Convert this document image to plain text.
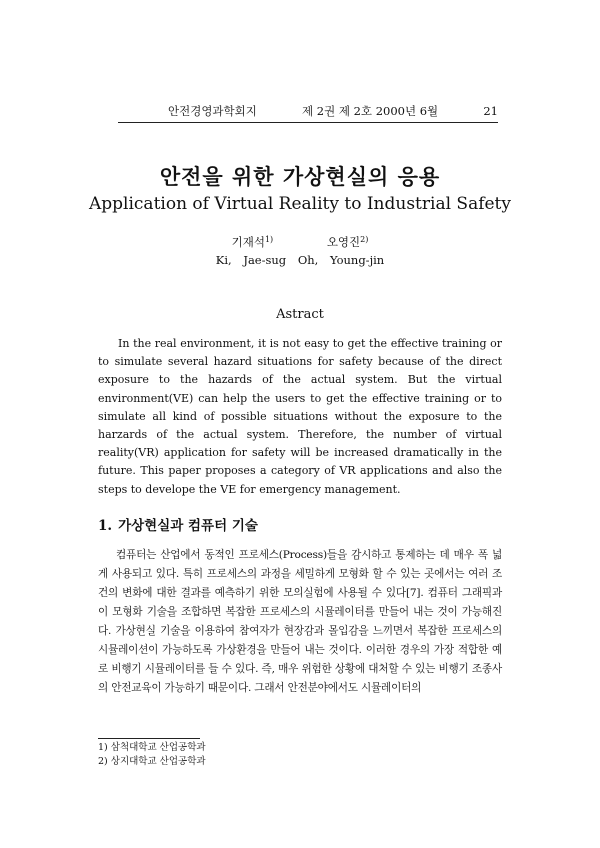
안전경영과학회지	제 2권 제 2호 2000년 6월	21
안전을 위한 가상현실의 응용
Application of Virtual Reality to Industrial Safety
기재석$^{1)}$	오영진$^{2)}$
Ki, Jae-sug Oh, Young-jin
Astract
In the real environment, it is not easy to get the effective training or to simulate several hazard situations for safety because of the direct exposure to the hazards of the actual system. But the virtual environment(VE) can help the users to get the effective training or to simulate all kind of possible situations without the exposure to the harzards of the actual system. Therefore, the number of virtual reality(VR) application for safety will be increased dramatically in the future. This paper proposes a category of VR applications and also the steps to develope the VE for emergency management.
1. 가상현실과 컴퓨터 기술
컴퓨터는 산업에서 동적인 프로세스(Process)들을 감시하고 통제하는 데 매우 폭 넓게 사용되고 있다. 특히 프로세스의 과정을 세밀하게 모형화 할 수 있는 곳에서는 여러 조건의 변화에 대한 결과를 예측하기 위한 모의실험에 사용될 수 있다[7]. 컴퓨터 그래픽과 이 모형화 기술을 조합하면 복잡한 프로세스의 시뮬레이터를 만들어 내는 것이 가능해진다. 가상현실 기술을 이용하여 참여자가 현장감과 몰입감을 느끼면서 복잡한 프로세스의 시뮬레이션이 가능하도록 가상환경을 만들어 내는 것이다. 이러한 경우의 가장 적합한 예로 비행기 시뮬레이터를 들 수 있다. 즉, 매우 위험한 상황에 대처할 수 있는 비행기 조종사의 안전교육이 가능하기 때문이다. 그래서 안전분야에서도 시뮬레이터의
1) 삼척대학교 산업공학과
2) 상지대학교 산업공학과
